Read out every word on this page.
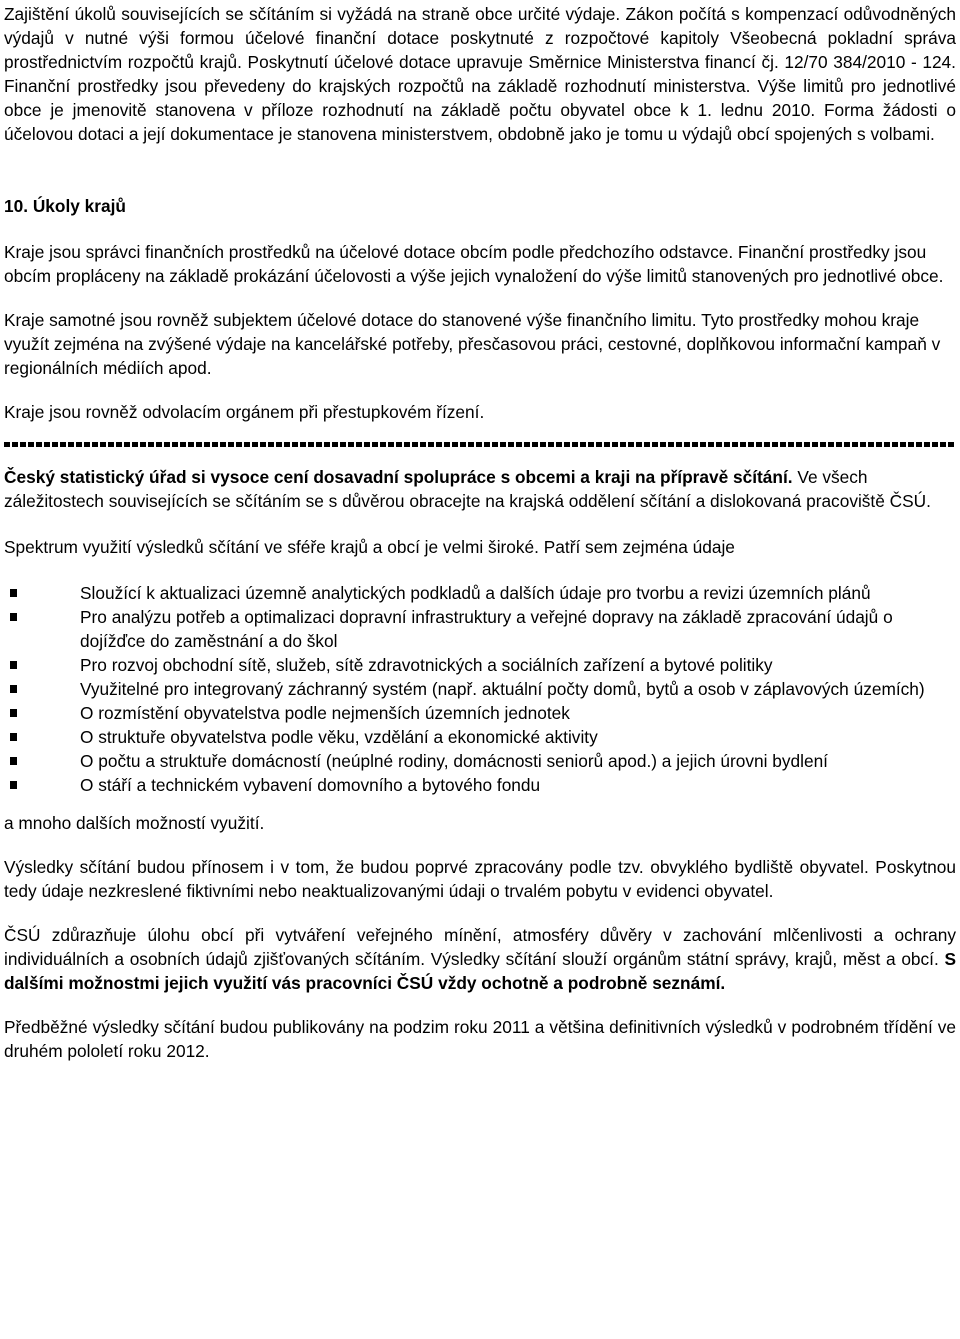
Zajištění úkolů souvisejících se sčítáním si vyžádá na straně obce určité výdaje. Zákon počítá s kompenzací odůvodněných výdajů v nutné výši formou účelové finanční dotace poskytnuté z rozpočtové kapitoly Všeobecná pokladní správa prostřednictvím rozpočtů krajů. Poskytnutí účelové dotace upravuje Směrnice Ministerstva financí čj. 12/70 384/2010 - 124. Finanční prostředky jsou převedeny do krajských rozpočtů na základě rozhodnutí ministerstva. Výše limitů pro jednotlivé obce je jmenovitě stanovena v příloze rozhodnutí na základě počtu obyvatel obce k 1. lednu 2010. Forma žádosti o účelovou dotaci a její dokumentace je stanovena ministerstvem, obdobně jako je tomu u výdajů obcí spojených s volbami.

10. Úkoly krajů

Kraje jsou správci finančních prostředků na účelové dotace obcím podle předchozího odstavce. Finanční prostředky jsou obcím propláceny na základě prokázání účelovosti a výše jejich vynaložení do výše limitů stanovených pro jednotlivé obce.

Kraje samotné jsou rovněž subjektem účelové dotace do stanovené výše finančního limitu. Tyto prostředky mohou kraje využít zejména na zvýšené výdaje na kancelářské potřeby, přesčasovou práci, cestovné, doplňkovou informační kampaň v regionálních médiích apod.

Kraje jsou rovněž odvolacím orgánem při přestupkovém řízení.

Český statistický úřad si vysoce cení dosavadní spolupráce s obcemi a kraji na přípravě sčítání. Ve všech záležitostech souvisejících se sčítáním se s důvěrou obracejte na krajská oddělení sčítání a dislokovaná pracoviště ČSÚ.

Spektrum využití výsledků sčítání ve sféře krajů a obcí je velmi široké. Patří sem zejména údaje

Sloužící k aktualizaci územně analytických podkladů a dalších údaje pro tvorbu a revizi územních plánů
Pro analýzu potřeb a optimalizaci dopravní infrastruktury a veřejné dopravy na základě zpracování údajů o dojížďce do zaměstnání a do škol
Pro rozvoj obchodní sítě, služeb, sítě zdravotnických a sociálních zařízení a bytové politiky
Využitelné pro integrovaný záchranný systém (např. aktuální počty domů, bytů a osob v záplavových územích)
O rozmístění obyvatelstva podle nejmenších územních jednotek
O struktuře obyvatelstva podle věku, vzdělání a ekonomické aktivity
O počtu a struktuře domácností (neúplné rodiny, domácnosti seniorů apod.) a jejich úrovni bydlení
O stáří a technickém vybavení domovního a bytového fondu

a mnoho dalších možností využití.

Výsledky sčítání budou přínosem i v tom, že budou poprvé zpracovány podle tzv. obvyklého bydliště obyvatel. Poskytnou tedy údaje nezkreslené fiktivními nebo neaktualizovanými údaji o trvalém pobytu v evidenci obyvatel.

ČSÚ zdůrazňuje úlohu obcí při vytváření veřejného mínění, atmosféry důvěry v zachování mlčenlivosti a ochrany individuálních a osobních údajů zjišťovaných sčítáním. Výsledky sčítání slouží orgánům státní správy, krajů, měst a obcí. S dalšími možnostmi jejich využití vás pracovníci ČSÚ vždy ochotně a podrobně seznámí.

Předběžné výsledky sčítání budou publikovány na podzim roku 2011 a většina definitivních výsledků v podrobném třídění ve druhém pololetí roku 2012.
